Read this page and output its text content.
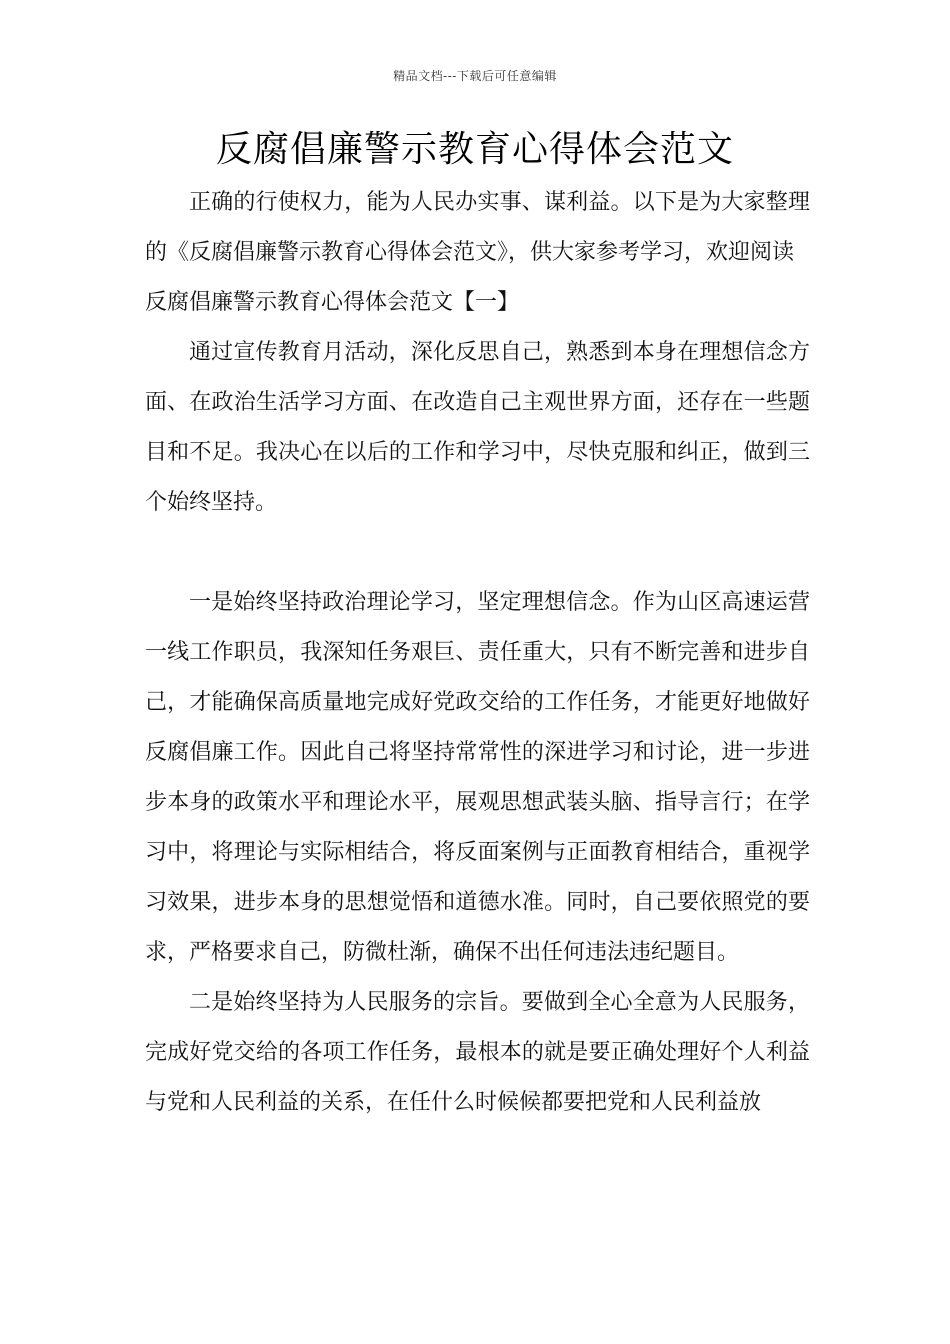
精品文档---下载后可任意编辑
反腐倡廉警示教育心得体会范文

正确的行使权力，能为人民办实事、谋利益。以下是为大家整理的《反腐倡廉警示教育心得体会范文》，供大家参考学习，欢迎阅读

反腐倡廉警示教育心得体会范文【一】

通过宣传教育月活动，深化反思自己，熟悉到本身在理想信念方面、在政治生活学习方面、在改造自己主观世界方面，还存在一些题目和不足。我决心在以后的工作和学习中，尽快克服和纠正，做到三个始终坚持。

一是始终坚持政治理论学习，坚定理想信念。作为山区高速运营一线工作职员，我深知任务艰巨、责任重大，只有不断完善和进步自己，才能确保高质量地完成好党政交给的工作任务，才能更好地做好反腐倡廉工作。因此自己将坚持常常性的深进学习和讨论，进一步进步本身的政策水平和理论水平，展观思想武装头脑、指导言行；在学习中，将理论与实际相结合，将反面案例与正面教育相结合，重视学习效果，进步本身的思想觉悟和道德水准。同时，自己要依照党的要求，严格要求自己，防微杜渐，确保不出任何违法违纪题目。

二是始终坚持为人民服务的宗旨。要做到全心全意为人民服务，完成好党交给的各项工作任务，最根本的就是要正确处理好个人利益与党和人民利益的关系，在任什么时候候都要把党和人民利益放
